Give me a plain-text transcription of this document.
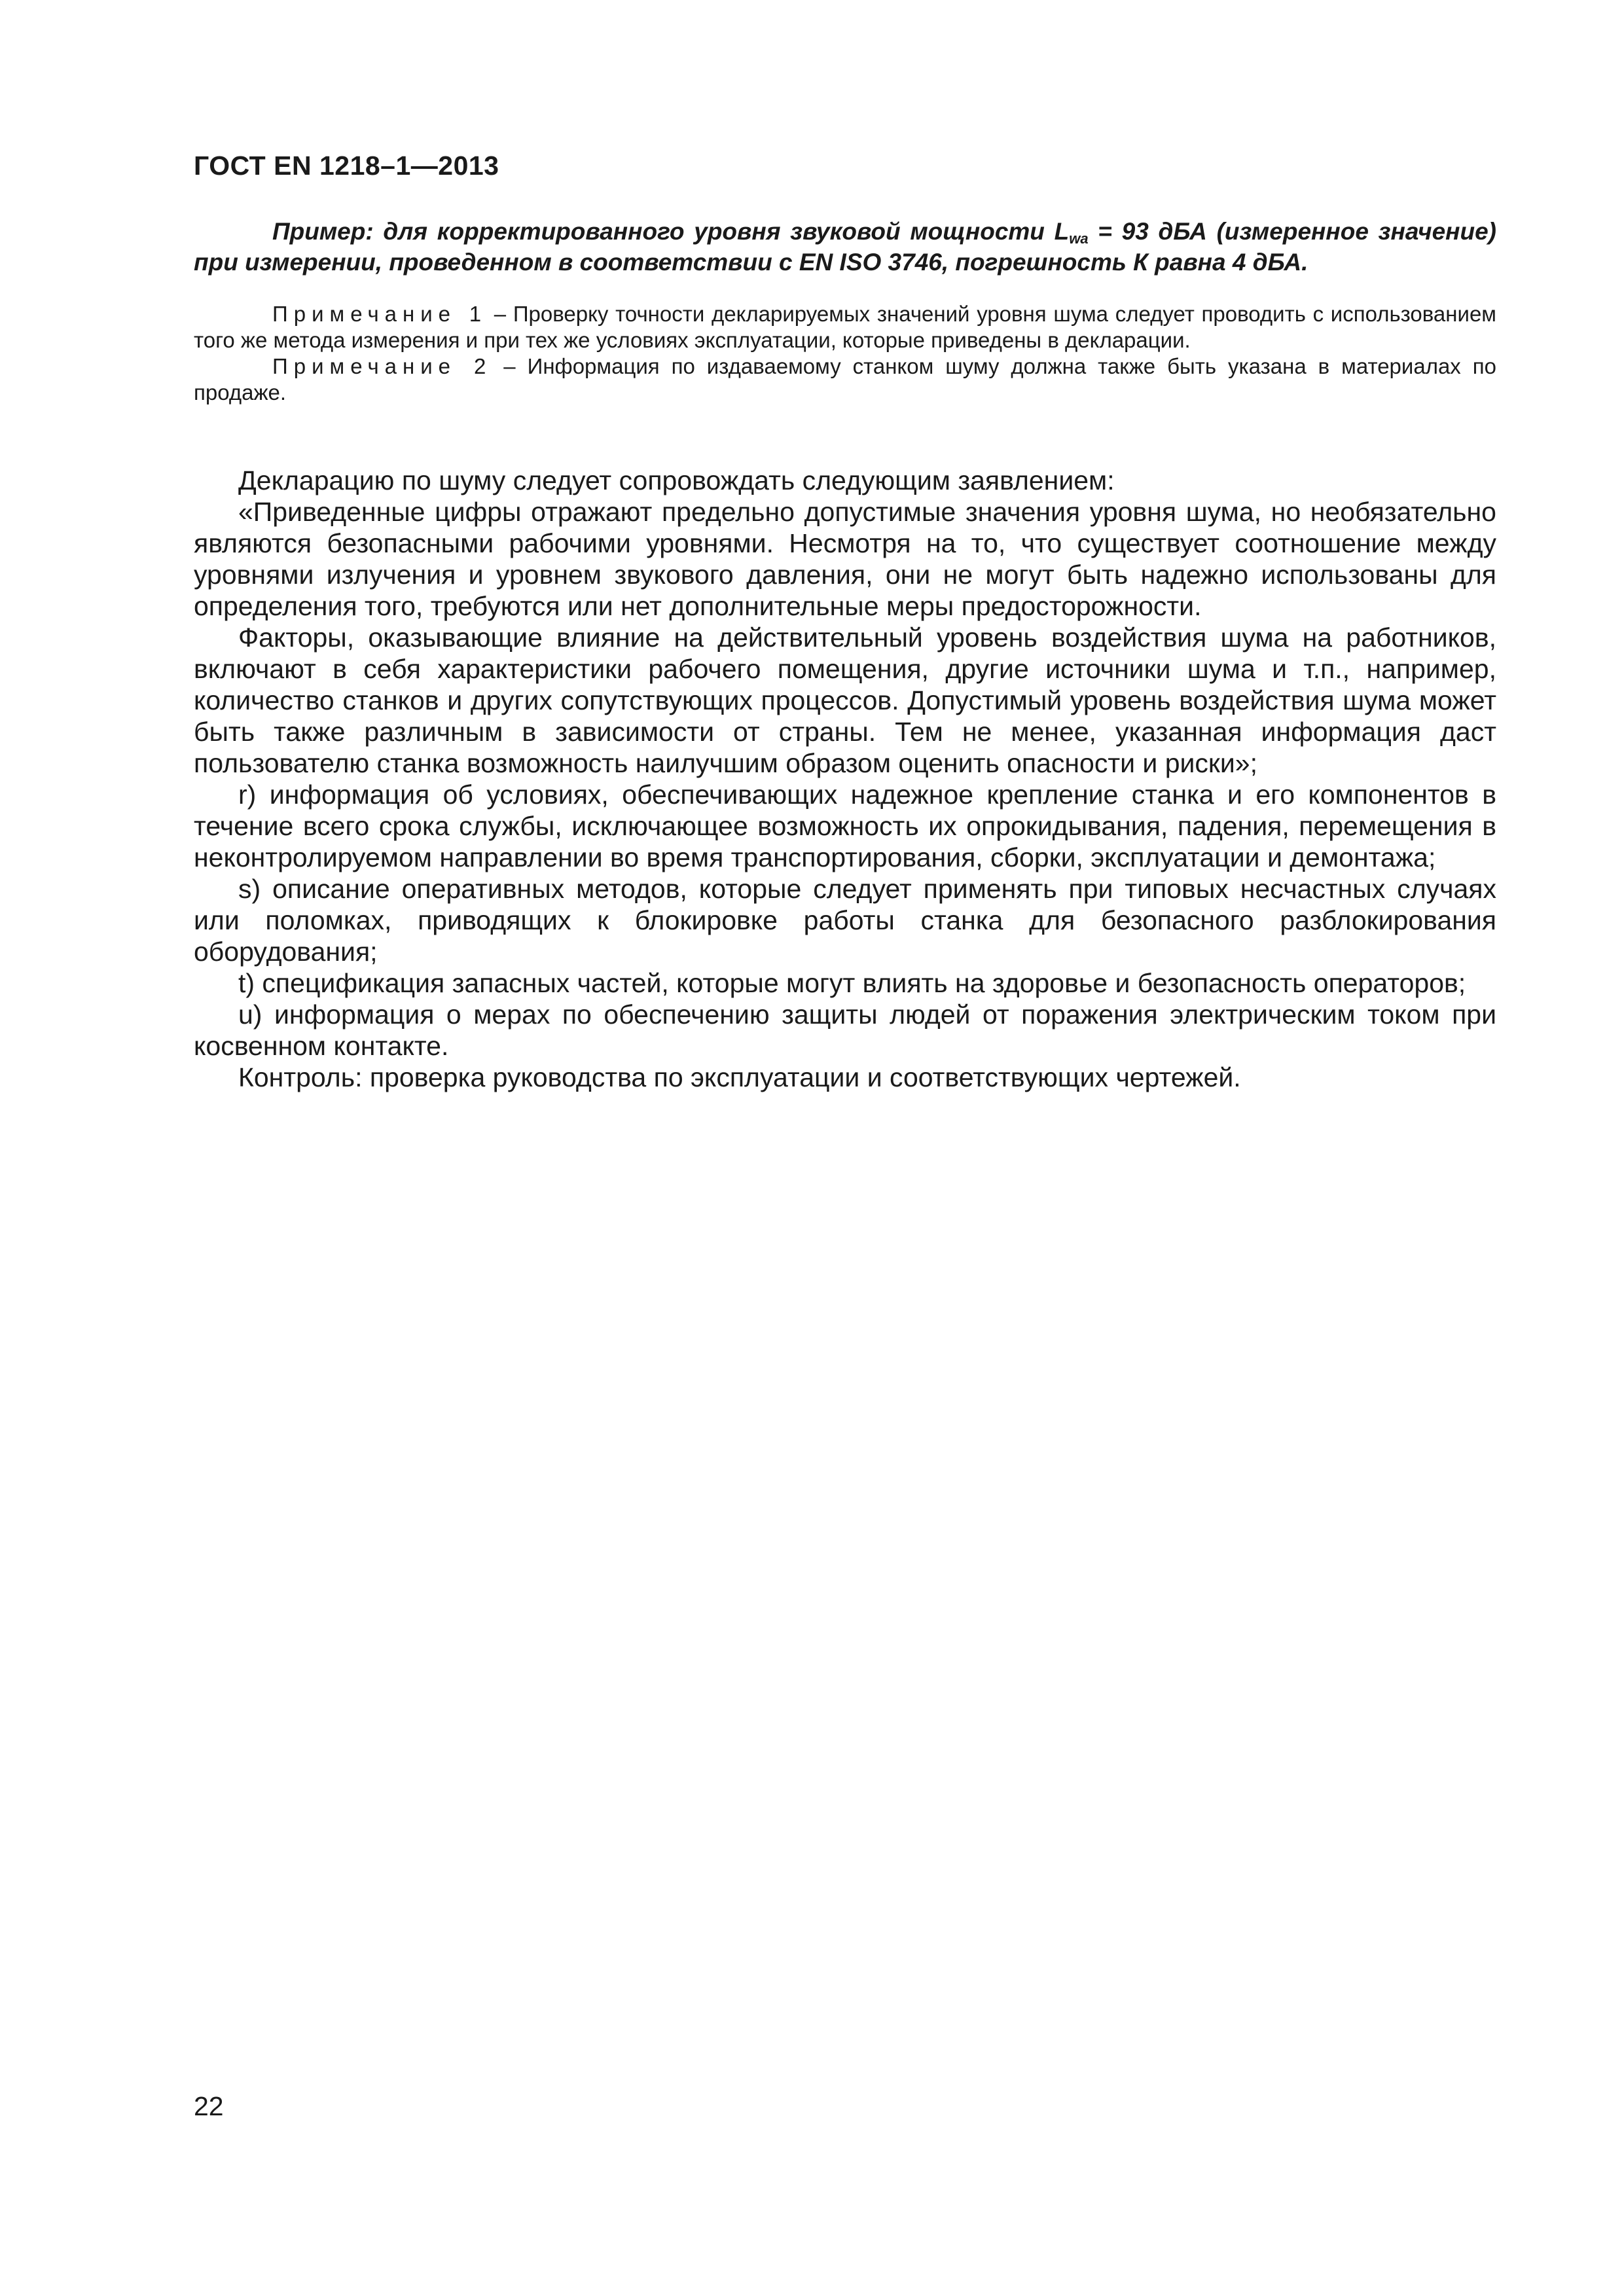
ГОСТ EN 1218–1—2013
Пример: для корректированного уровня звуковой мощности $L_{wa} = 93$ дБА (измеренное значение) при измерении, проведенном в соответствии с EN ISO 3746, погрешность К равна 4 дБА.

Примечание 1 – Проверку точности декларируемых значений уровня шума следует проводить с использованием того же метода измерения и при тех же условиях эксплуатации, которые приведены в декларации.

Примечание 2 – Информация по издаваемому станком шуму должна также быть указана в материалах по продаже.

Декларацию по шуму следует сопровождать следующим заявлением:

«Приведенные цифры отражают предельно допустимые значения уровня шума, но необязательно являются безопасными рабочими уровнями. Несмотря на то, что существует соотношение между уровнями излучения и уровнем звукового давления, они не могут быть надежно использованы для определения того, требуются или нет дополнительные меры предосторожности.

Факторы, оказывающие влияние на действительный уровень воздействия шума на работников, включают в себя характеристики рабочего помещения, другие источники шума и т.п., например, количество станков и других сопутствующих процессов. Допустимый уровень воздействия шума может быть также различным в зависимости от страны. Тем не менее, указанная информация даст пользователю станка возможность наилучшим образом оценить опасности и риски»;

r) информация об условиях, обеспечивающих надежное крепление станка и его компонентов в течение всего срока службы, исключающее возможность их опрокидывания, падения, перемещения в неконтролируемом направлении во время транспортирования, сборки, эксплуатации и демонтажа;

s) описание оперативных методов, которые следует применять при типовых несчастных случаях или поломках, приводящих к блокировке работы станка для безопасного разблокирования оборудования;

t) спецификация запасных частей, которые могут влиять на здоровье и безопасность операторов;

u) информация о мерах по обеспечению защиты людей от поражения электрическим током при косвенном контакте.

Контроль: проверка руководства по эксплуатации и соответствующих чертежей.

22
